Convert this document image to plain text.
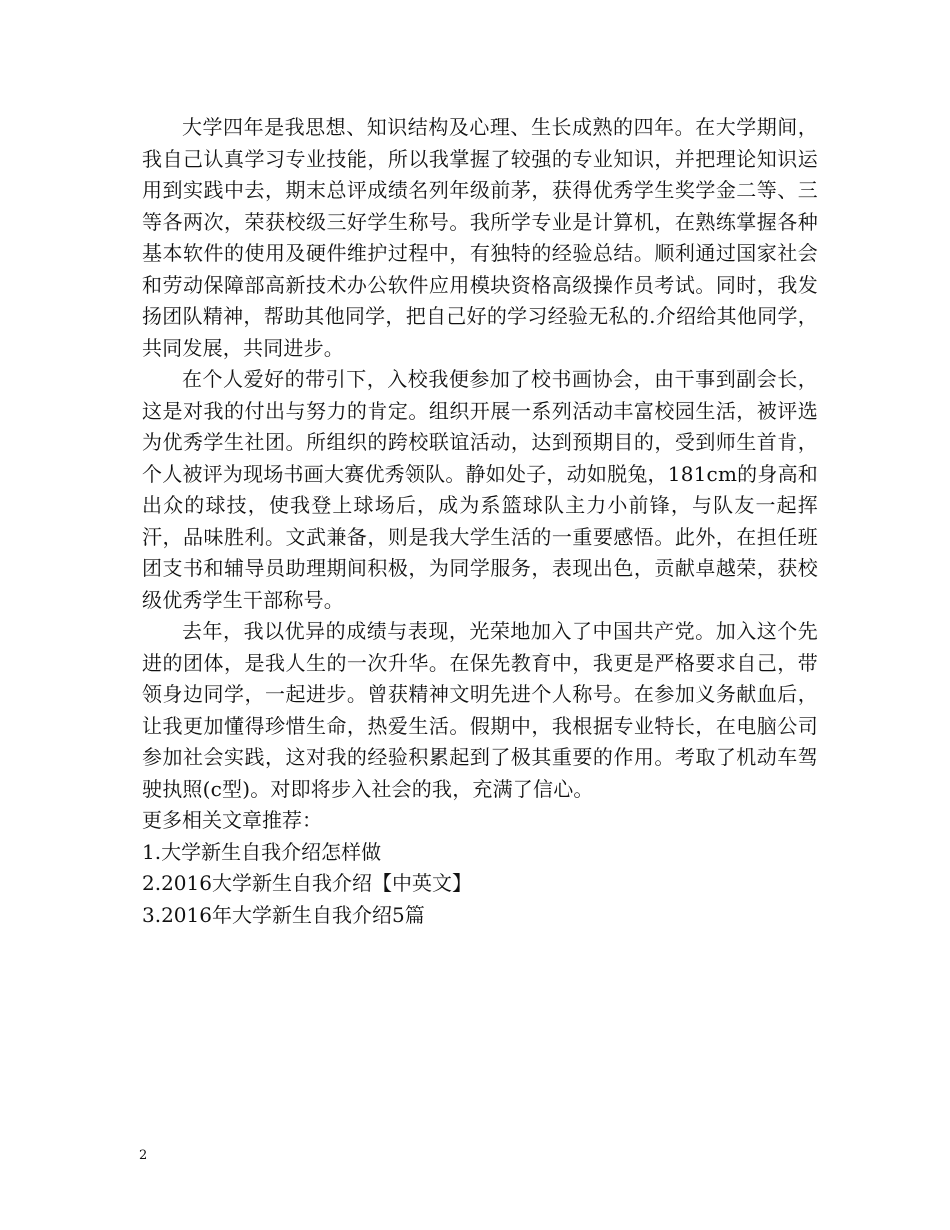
大学四年是我思想、知识结构及心理、生长成熟的四年。在大学期间，我自己认真学习专业技能，所以我掌握了较强的专业知识，并把理论知识运用到实践中去，期末总评成绩名列年级前茅，获得优秀学生奖学金二等、三等各两次，荣获校级三好学生称号。我所学专业是计算机，在熟练掌握各种基本软件的使用及硬件维护过程中，有独特的经验总结。顺利通过国家社会和劳动保障部高新技术办公软件应用模块资格高级操作员考试。同时，我发扬团队精神，帮助其他同学，把自己好的学习经验无私的.介绍给其他同学，共同发展，共同进步。

在个人爱好的带引下，入校我便参加了校书画协会，由干事到副会长，这是对我的付出与努力的肯定。组织开展一系列活动丰富校园生活，被评选为优秀学生社团。所组织的跨校联谊活动，达到预期目的，受到师生首肯，个人被评为现场书画大赛优秀领队。静如处子，动如脱兔，181cm的身高和出众的球技，使我登上球场后，成为系篮球队主力小前锋，与队友一起挥汗，品味胜利。文武兼备，则是我大学生活的一重要感悟。此外，在担任班团支书和辅导员助理期间积极，为同学服务，表现出色，贡献卓越荣，获校级优秀学生干部称号。

去年，我以优异的成绩与表现，光荣地加入了中国共产党。加入这个先进的团体，是我人生的一次升华。在保先教育中，我更是严格要求自己，带领身边同学，一起进步。曾获精神文明先进个人称号。在参加义务献血后，让我更加懂得珍惜生命，热爱生活。假期中，我根据专业特长，在电脑公司参加社会实践，这对我的经验积累起到了极其重要的作用。考取了机动车驾驶执照(c型)。对即将步入社会的我，充满了信心。

更多相关文章推荐：

1.大学新生自我介绍怎样做
2.2016大学新生自我介绍【中英文】
3.2016年大学新生自我介绍5篇
2
